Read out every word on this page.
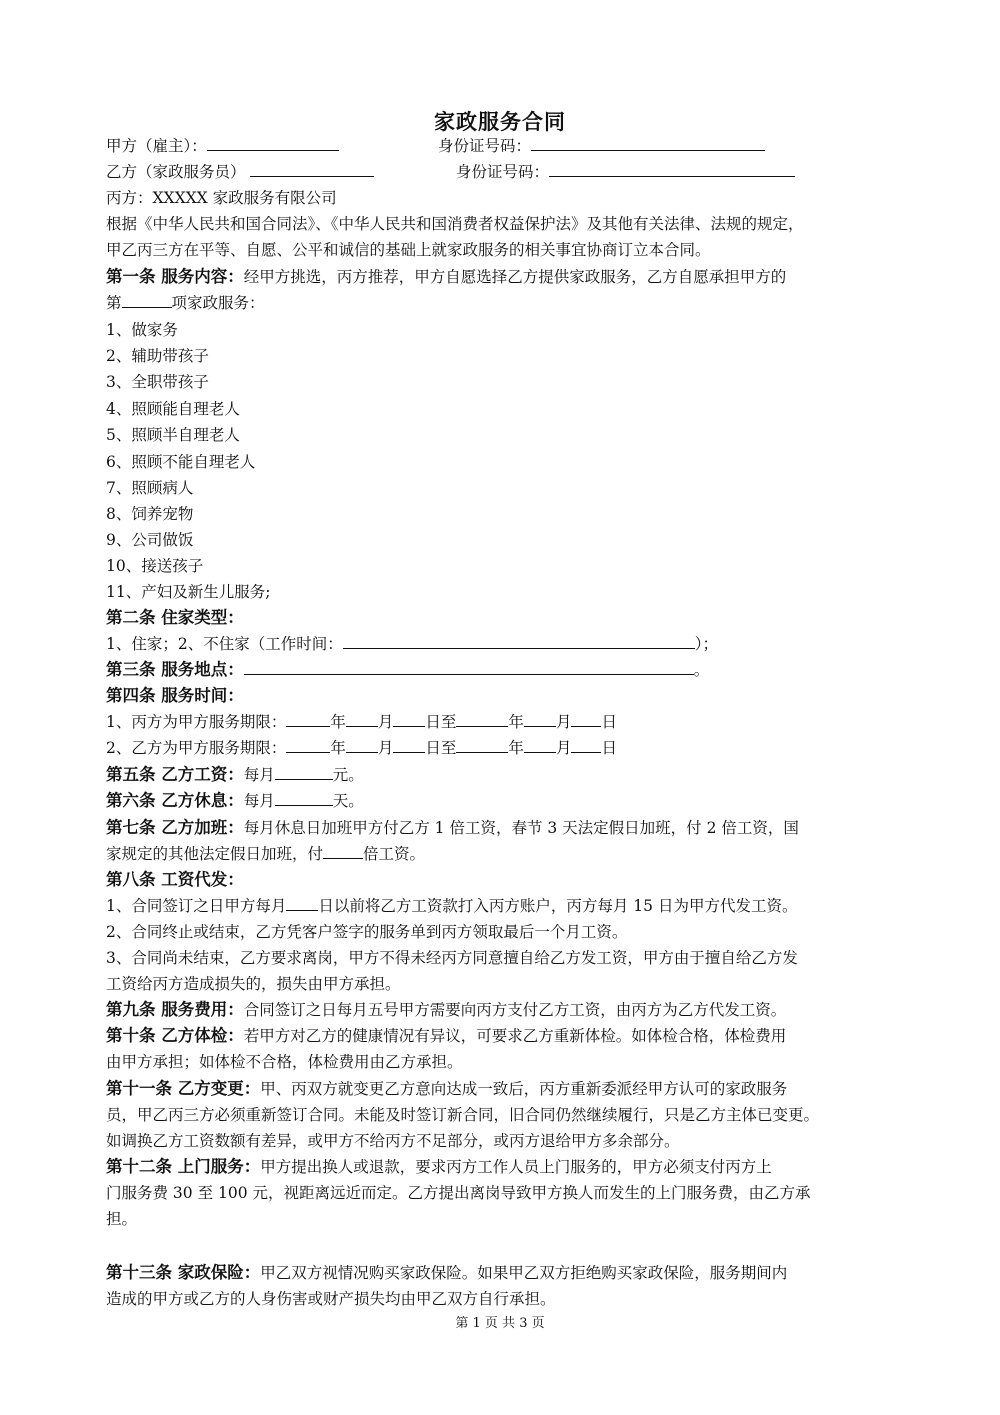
家政服务合同
甲方（雇主）：	身份证号码：
乙方（家政服务员）	身份证号码：
丙方：XXXXX 家政服务有限公司
根据《中华人民共和国合同法》、《中华人民共和国消费者权益保护法》及其他有关法律、法规的规定，
甲乙丙三方在平等、自愿、公平和诚信的基础上就家政服务的相关事宜协商订立本合同。
第一条 服务内容：经甲方挑选，丙方推荐，甲方自愿选择乙方提供家政服务，乙方自愿承担甲方的
第	项家政服务：
1、做家务
2、辅助带孩子
3、全职带孩子
4、照顾能自理老人
5、照顾半自理老人
6、照顾不能自理老人
7、照顾病人
8、饲养宠物
9、公司做饭
10、接送孩子
11、产妇及新生儿服务;
第二条 住家类型：
1、住家；2、不住家（工作时间：	）；
第三条 服务地点：	。
第四条 服务时间：
1、丙方为甲方服务期限：	年 月 日至	年 月 日
2、乙方为甲方服务期限：	年 月 日至	年 月 日
第五条 乙方工资：每月	元。
第六条 乙方休息：每月	天。
第七条 乙方加班：每月休息日加班甲方付乙方 1 倍工资，春节 3 天法定假日加班，付 2 倍工资，国
家规定的其他法定假日加班，付	倍工资。
第八条 工资代发：
1、合同签订之日甲方每月 日以前将乙方工资款打入丙方账户，丙方每月 15 日为甲方代发工资。
2、合同终止或结束，乙方凭客户签字的服务单到丙方领取最后一个月工资。
3、合同尚未结束，乙方要求离岗，甲方不得未经丙方同意擅自给乙方发工资，甲方由于擅自给乙方发
工资给丙方造成损失的，损失由甲方承担。
第九条 服务费用：合同签订之日每月五号甲方需要向丙方支付乙方工资，由丙方为乙方代发工资。
第十条 乙方体检：若甲方对乙方的健康情况有异议，可要求乙方重新体检。如体检合格，体检费用
由甲方承担；如体检不合格，体检费用由乙方承担。
第十一条 乙方变更：甲、丙双方就变更乙方意向达成一致后，丙方重新委派经甲方认可的家政服务
员，甲乙丙三方必须重新签订合同。未能及时签订新合同，旧合同仍然继续履行，只是乙方主体已变更。
如调换乙方工资数额有差异，或甲方不给丙方不足部分，或丙方退给甲方多余部分。
第十二条 上门服务：甲方提出换人或退款，要求丙方工作人员上门服务的，甲方必须支付丙方上
门服务费 30 至 100 元，视距离远近而定。乙方提出离岗导致甲方换人而发生的上门服务费，由乙方承
担。
第十三条 家政保险：甲乙双方视情况购买家政保险。如果甲乙双方拒绝购买家政保险，服务期间内
造成的甲方或乙方的人身伤害或财产损失均由甲乙双方自行承担。
第 1 页 共 3 页
